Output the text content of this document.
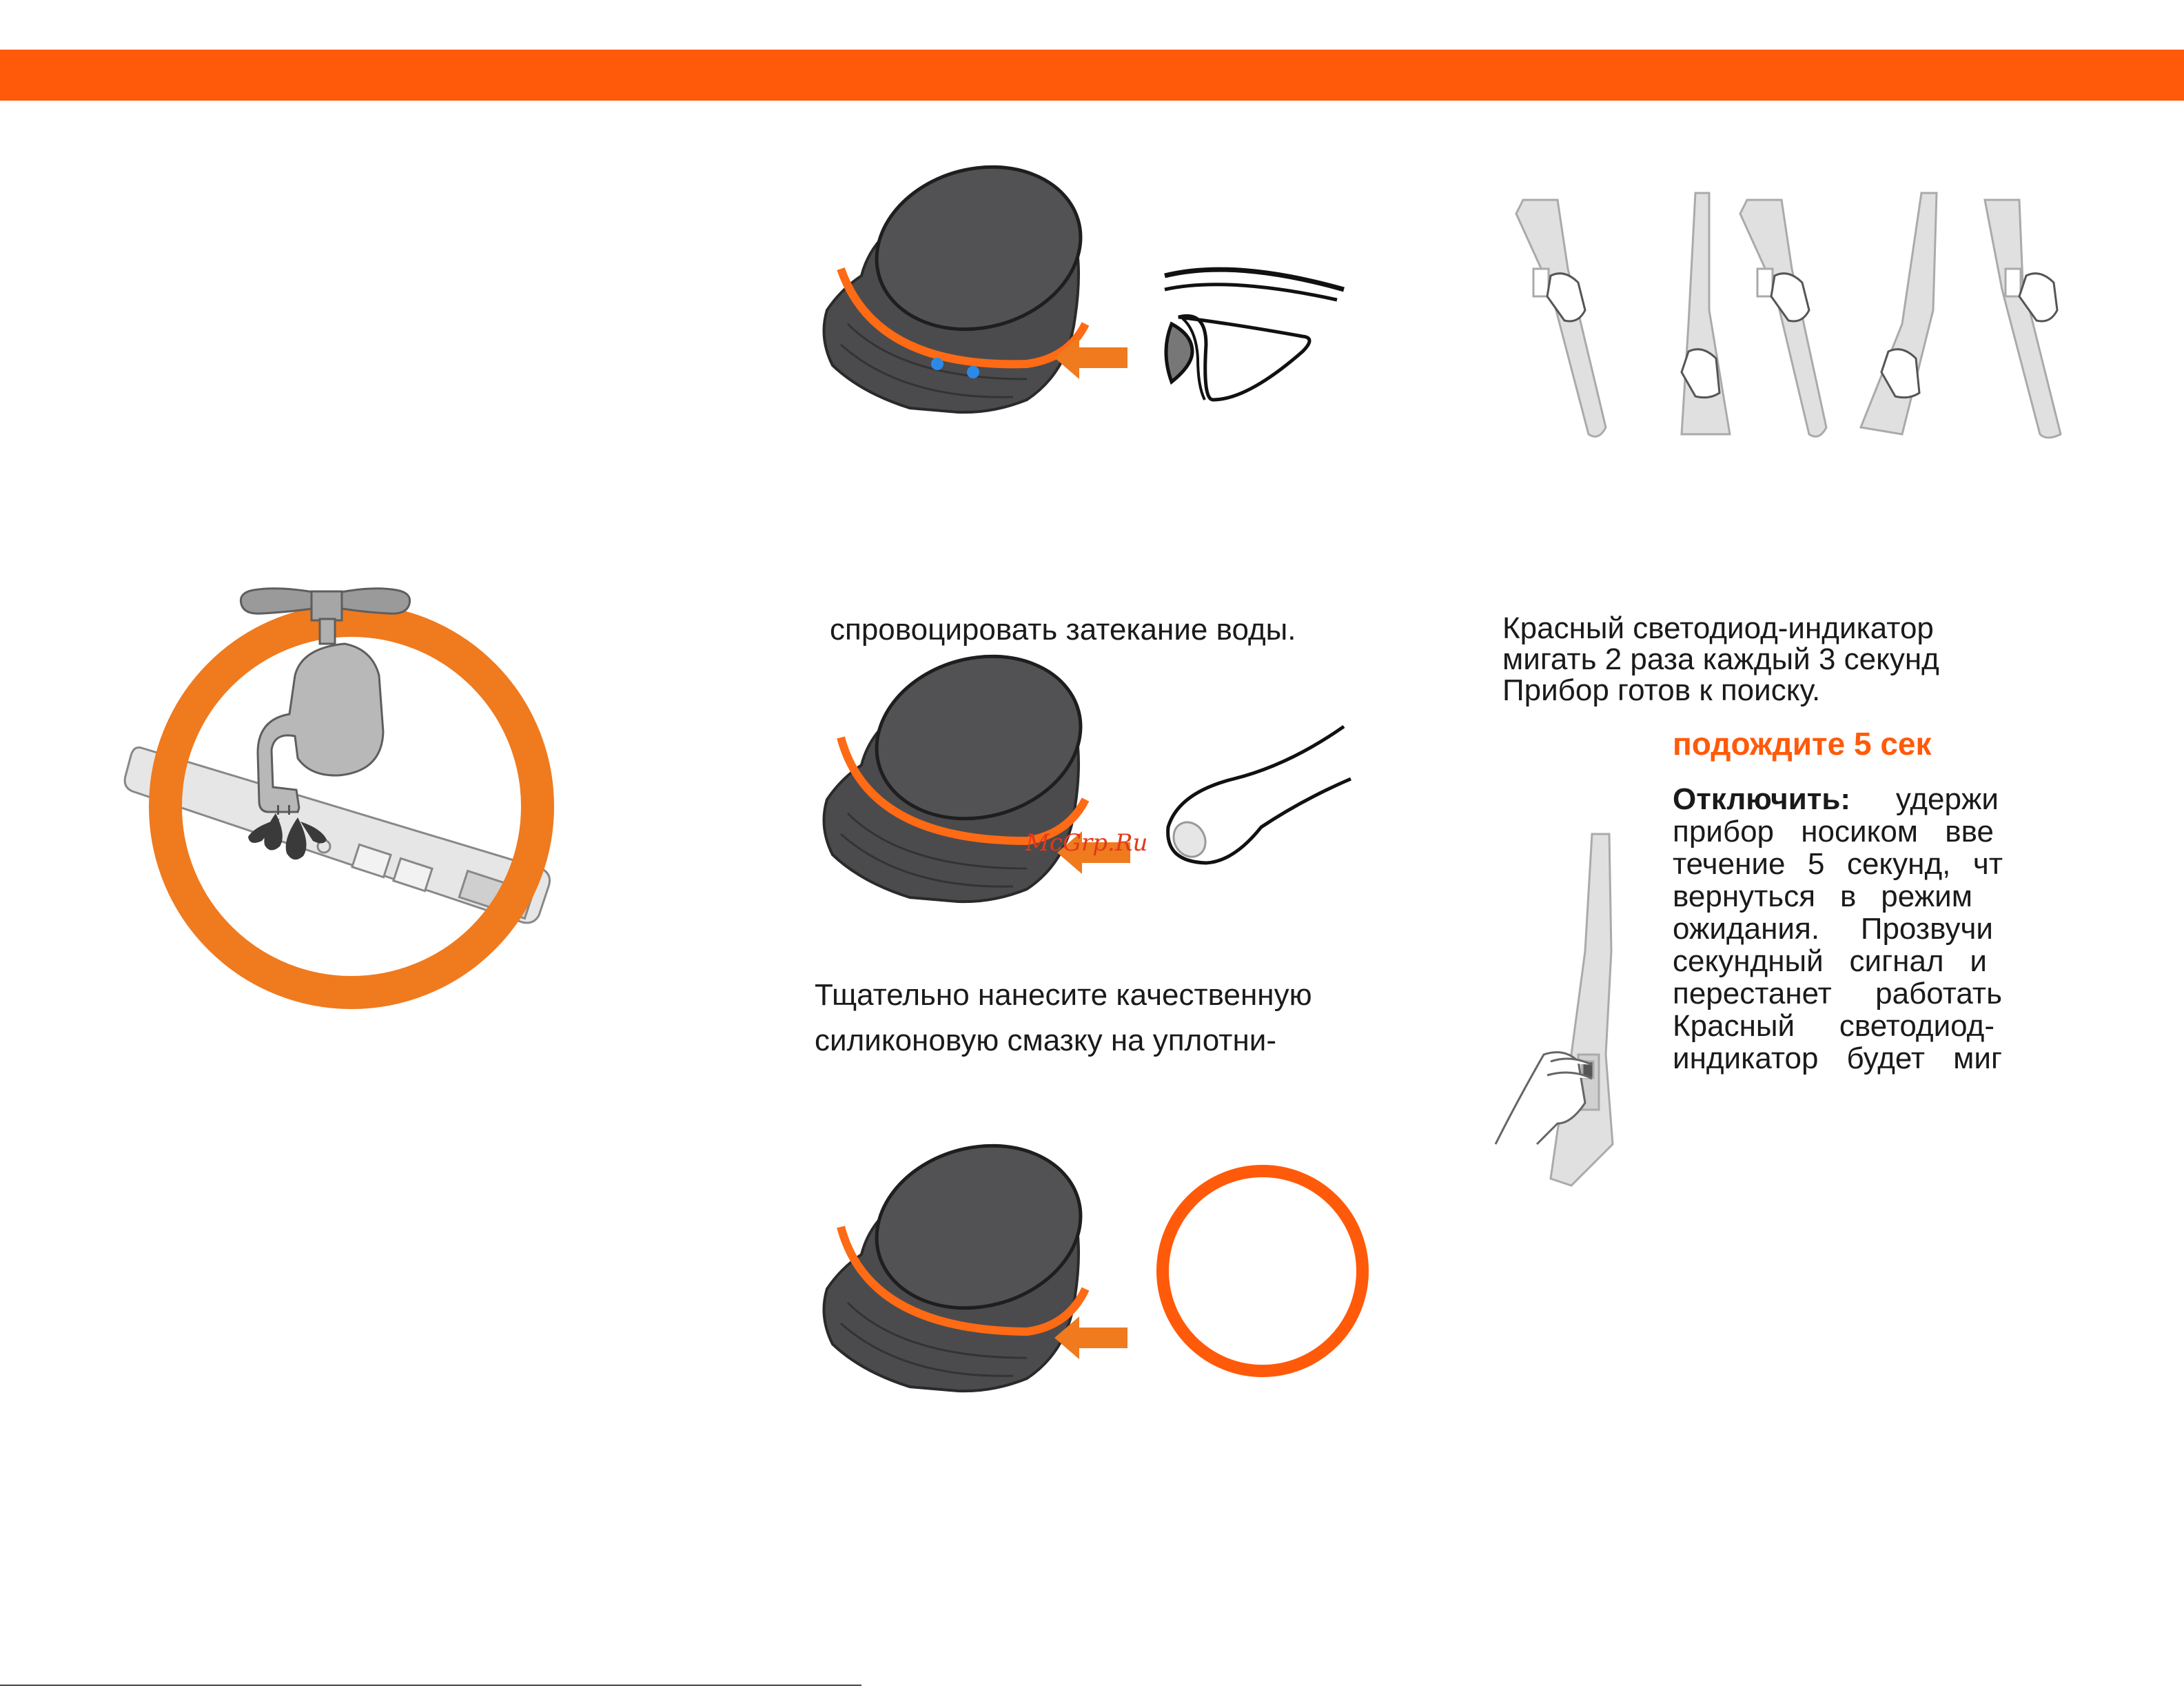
спровоцировать затекание воды.
McGrp.Ru
Тщательно нанесите качественную
силиконовую смазку на уплотни-
Красный светодиод-индикатор
мигать 2 раза каждый 3 секунд
Прибор готов к поиску.
подождите 5 сек
Отключить: удержи
прибор носиком вве
течение 5 секунд, чт
вернуться в режим
ожидания. Прозвучи
секундный сигнал и
перестанет работать
Красный светодиод-
индикатор будет миг
